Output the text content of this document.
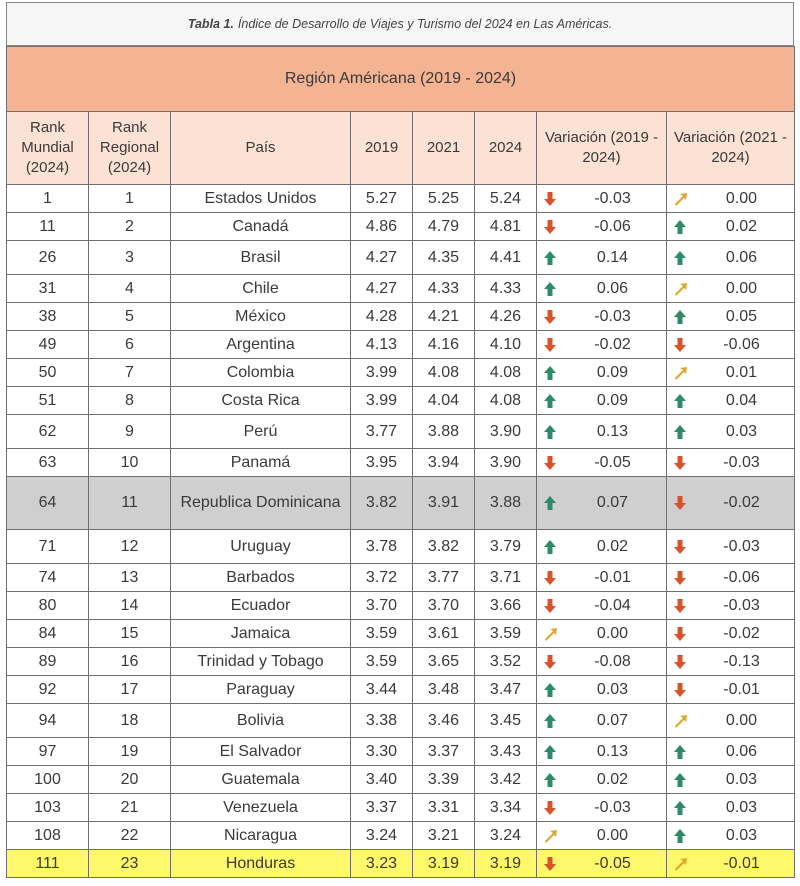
Tabla 1. Índice de Desarrollo de Viajes y Turismo del 2024 en Las Américas.
Región Américana (2019 - 2024)							
Rank Mundial (2024)	Rank Regional (2024)	País	2019	2021	2024	Variación (2019 - 2024)	Variación (2021 - 2024)
1	1	Estados Unidos	5.27	5.25	5.24	-0.03	0.00
11	2	Canadá	4.86	4.79	4.81	-0.06	0.02
26	3	Brasil	4.27	4.35	4.41	0.14	0.06
31	4	Chile	4.27	4.33	4.33	0.06	0.00
38	5	México	4.28	4.21	4.26	-0.03	0.05
49	6	Argentina	4.13	4.16	4.10	-0.02	-0.06
50	7	Colombia	3.99	4.08	4.08	0.09	0.01
51	8	Costa Rica	3.99	4.04	4.08	0.09	0.04
62	9	Perú	3.77	3.88	3.90	0.13	0.03
63	10	Panamá	3.95	3.94	3.90	-0.05	-0.03
64	11	Republica Dominicana	3.82	3.91	3.88	0.07	-0.02
71	12	Uruguay	3.78	3.82	3.79	0.02	-0.03
74	13	Barbados	3.72	3.77	3.71	-0.01	-0.06
80	14	Ecuador	3.70	3.70	3.66	-0.04	-0.03
84	15	Jamaica	3.59	3.61	3.59	0.00	-0.02
89	16	Trinidad y Tobago	3.59	3.65	3.52	-0.08	-0.13
92	17	Paraguay	3.44	3.48	3.47	0.03	-0.01
94	18	Bolivia	3.38	3.46	3.45	0.07	0.00
97	19	El Salvador	3.30	3.37	3.43	0.13	0.06
100	20	Guatemala	3.40	3.39	3.42	0.02	0.03
103	21	Venezuela	3.37	3.31	3.34	-0.03	0.03
108	22	Nicaragua	3.24	3.21	3.24	0.00	0.03
111	23	Honduras	3.23	3.19	3.19	-0.05	-0.01
